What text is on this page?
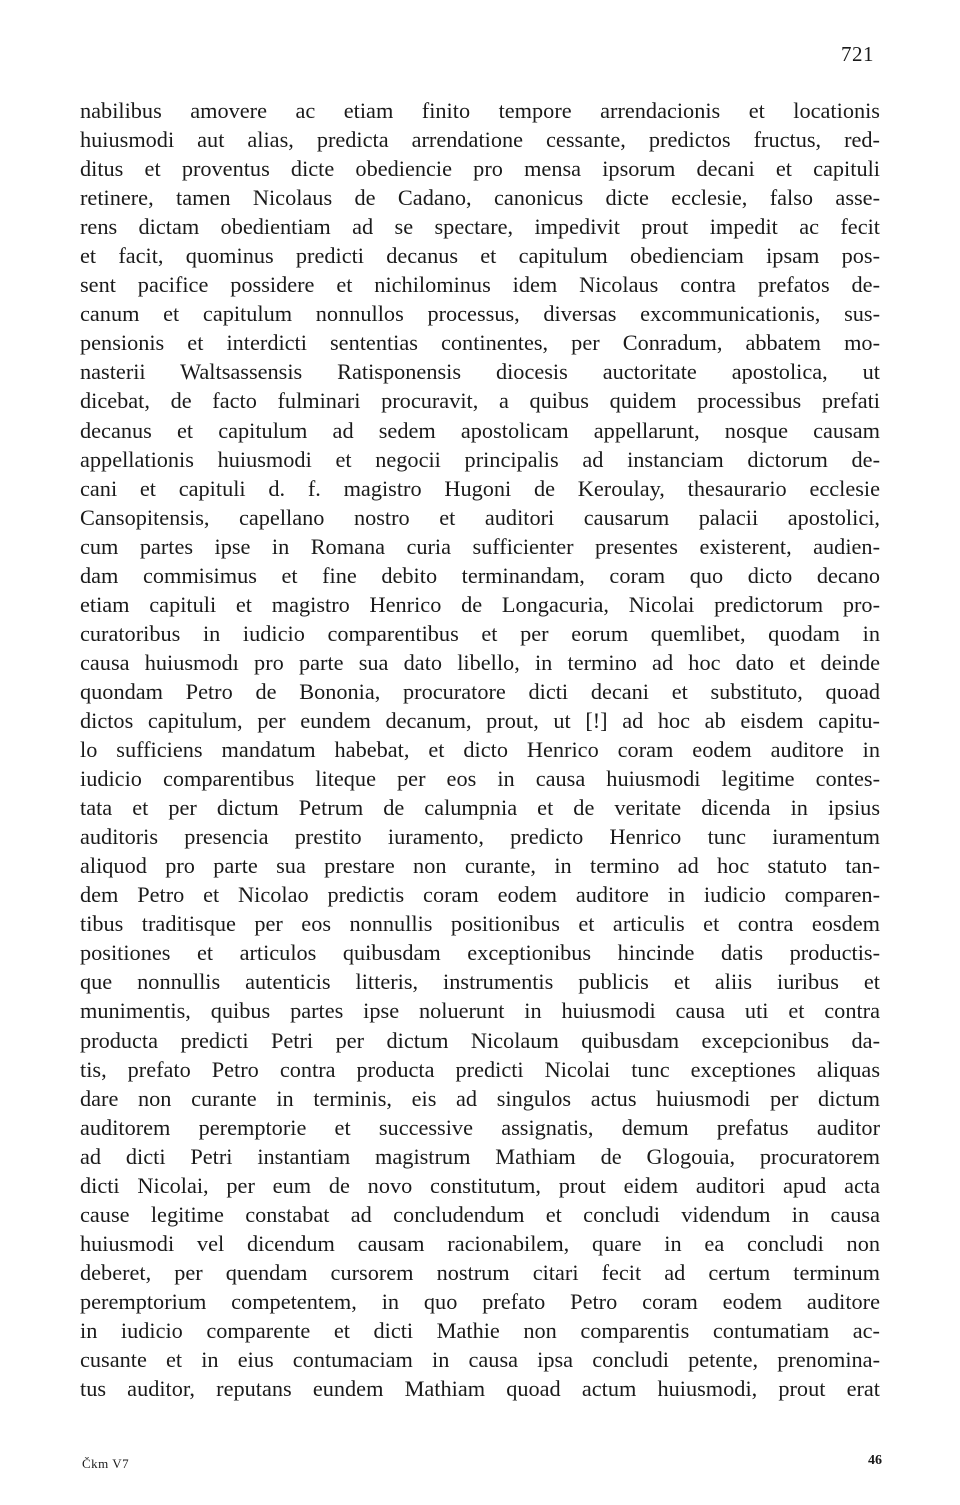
721
nabilibus amovere ac etiam finito tempore arrendacionis et locationis
huiusmodi aut alias, predicta arrendatione cessante, predictos fructus, red-
ditus et proventus dicte obediencie pro mensa ipsorum decani et capituli
retinere, tamen Nicolaus de Cadano, canonicus dicte ecclesie, falso asse-
rens dictam obedientiam ad se spectare, impedivit prout impedit ac fecit
et facit, quominus predicti decanus et capitulum obedienciam ipsam pos-
sent pacifice possidere et nichilominus idem Nicolaus contra prefatos de-
canum et capitulum nonnullos processus, diversas excommunicationis, sus-
pensionis et interdicti sententias continentes, per Conradum, abbatem mo-
nasterii Waltsassensis Ratisponensis diocesis auctoritate apostolica, ut
dicebat, de facto fulminari procuravit, a quibus quidem processibus prefati
decanus et capitulum ad sedem apostolicam appellarunt, nosque causam
appellationis huiusmodi et negocii principalis ad instanciam dictorum de-
cani et capituli d. f. magistro Hugoni de Keroulay, thesaurario ecclesie
Cansopitensis, capellano nostro et auditori causarum palacii apostolici,
cum partes ipse in Romana curia sufficienter presentes existerent, audien-
dam commisimus et fine debito terminandam, coram quo dicto decano
etiam capituli et magistro Henrico de Longacuria, Nicolai predictorum pro-
curatoribus in iudicio comparentibus et per eorum quemlibet, quodam in
causa huiusmodı pro parte sua dato libello, in termino ad hoc dato et deinde
quondam Petro de Bononia, procuratore dicti decani et substituto, quoad
dictos capitulum, per eundem decanum, prout, ut [!] ad hoc ab eisdem capitu-
lo sufficiens mandatum habebat, et dicto Henrico coram eodem auditore in
iudicio comparentibus liteque per eos in causa huiusmodi legitime contes-
tata et per dictum Petrum de calumpnia et de veritate dicenda in ipsius
auditoris presencia prestito iuramento, predicto Henrico tunc iuramentum
aliquod pro parte sua prestare non curante, in termino ad hoc statuto tan-
dem Petro et Nicolao predictis coram eodem auditore in iudicio comparen-
tibus traditisque per eos nonnullis positionibus et articulis et contra eosdem
positiones et articulos quibusdam exceptionibus hincinde datis productis-
que nonnullis autenticis litteris, instrumentis publicis et aliis iuribus et
munimentis, quibus partes ipse noluerunt in huiusmodi causa uti et contra
producta predicti Petri per dictum Nicolaum quibusdam excepcionibus da-
tis, prefato Petro contra producta predicti Nicolai tunc exceptiones aliquas
dare non curante in terminis, eis ad singulos actus huiusmodi per dictum
auditorem peremptorie et successive assignatis, demum prefatus auditor
ad dicti Petri instantiam magistrum Mathiam de Glogouia, procuratorem
dicti Nicolai, per eum de novo constitutum, prout eidem auditori apud acta
cause legitime constabat ad concludendum et concludi videndum in causa
huiusmodi vel dicendum causam racionabilem, quare in ea concludi non
deberet, per quendam cursorem nostrum citari fecit ad certum terminum
peremptorium competentem, in quo prefato Petro coram eodem auditore
in iudicio comparente et dicti Mathie non comparentis contumatiam ac-
cusante et in eius contumaciam in causa ipsa concludi petente, prenomina-
tus auditor, reputans eundem Mathiam quoad actum huiusmodi, prout erat
Čkm V7	46
